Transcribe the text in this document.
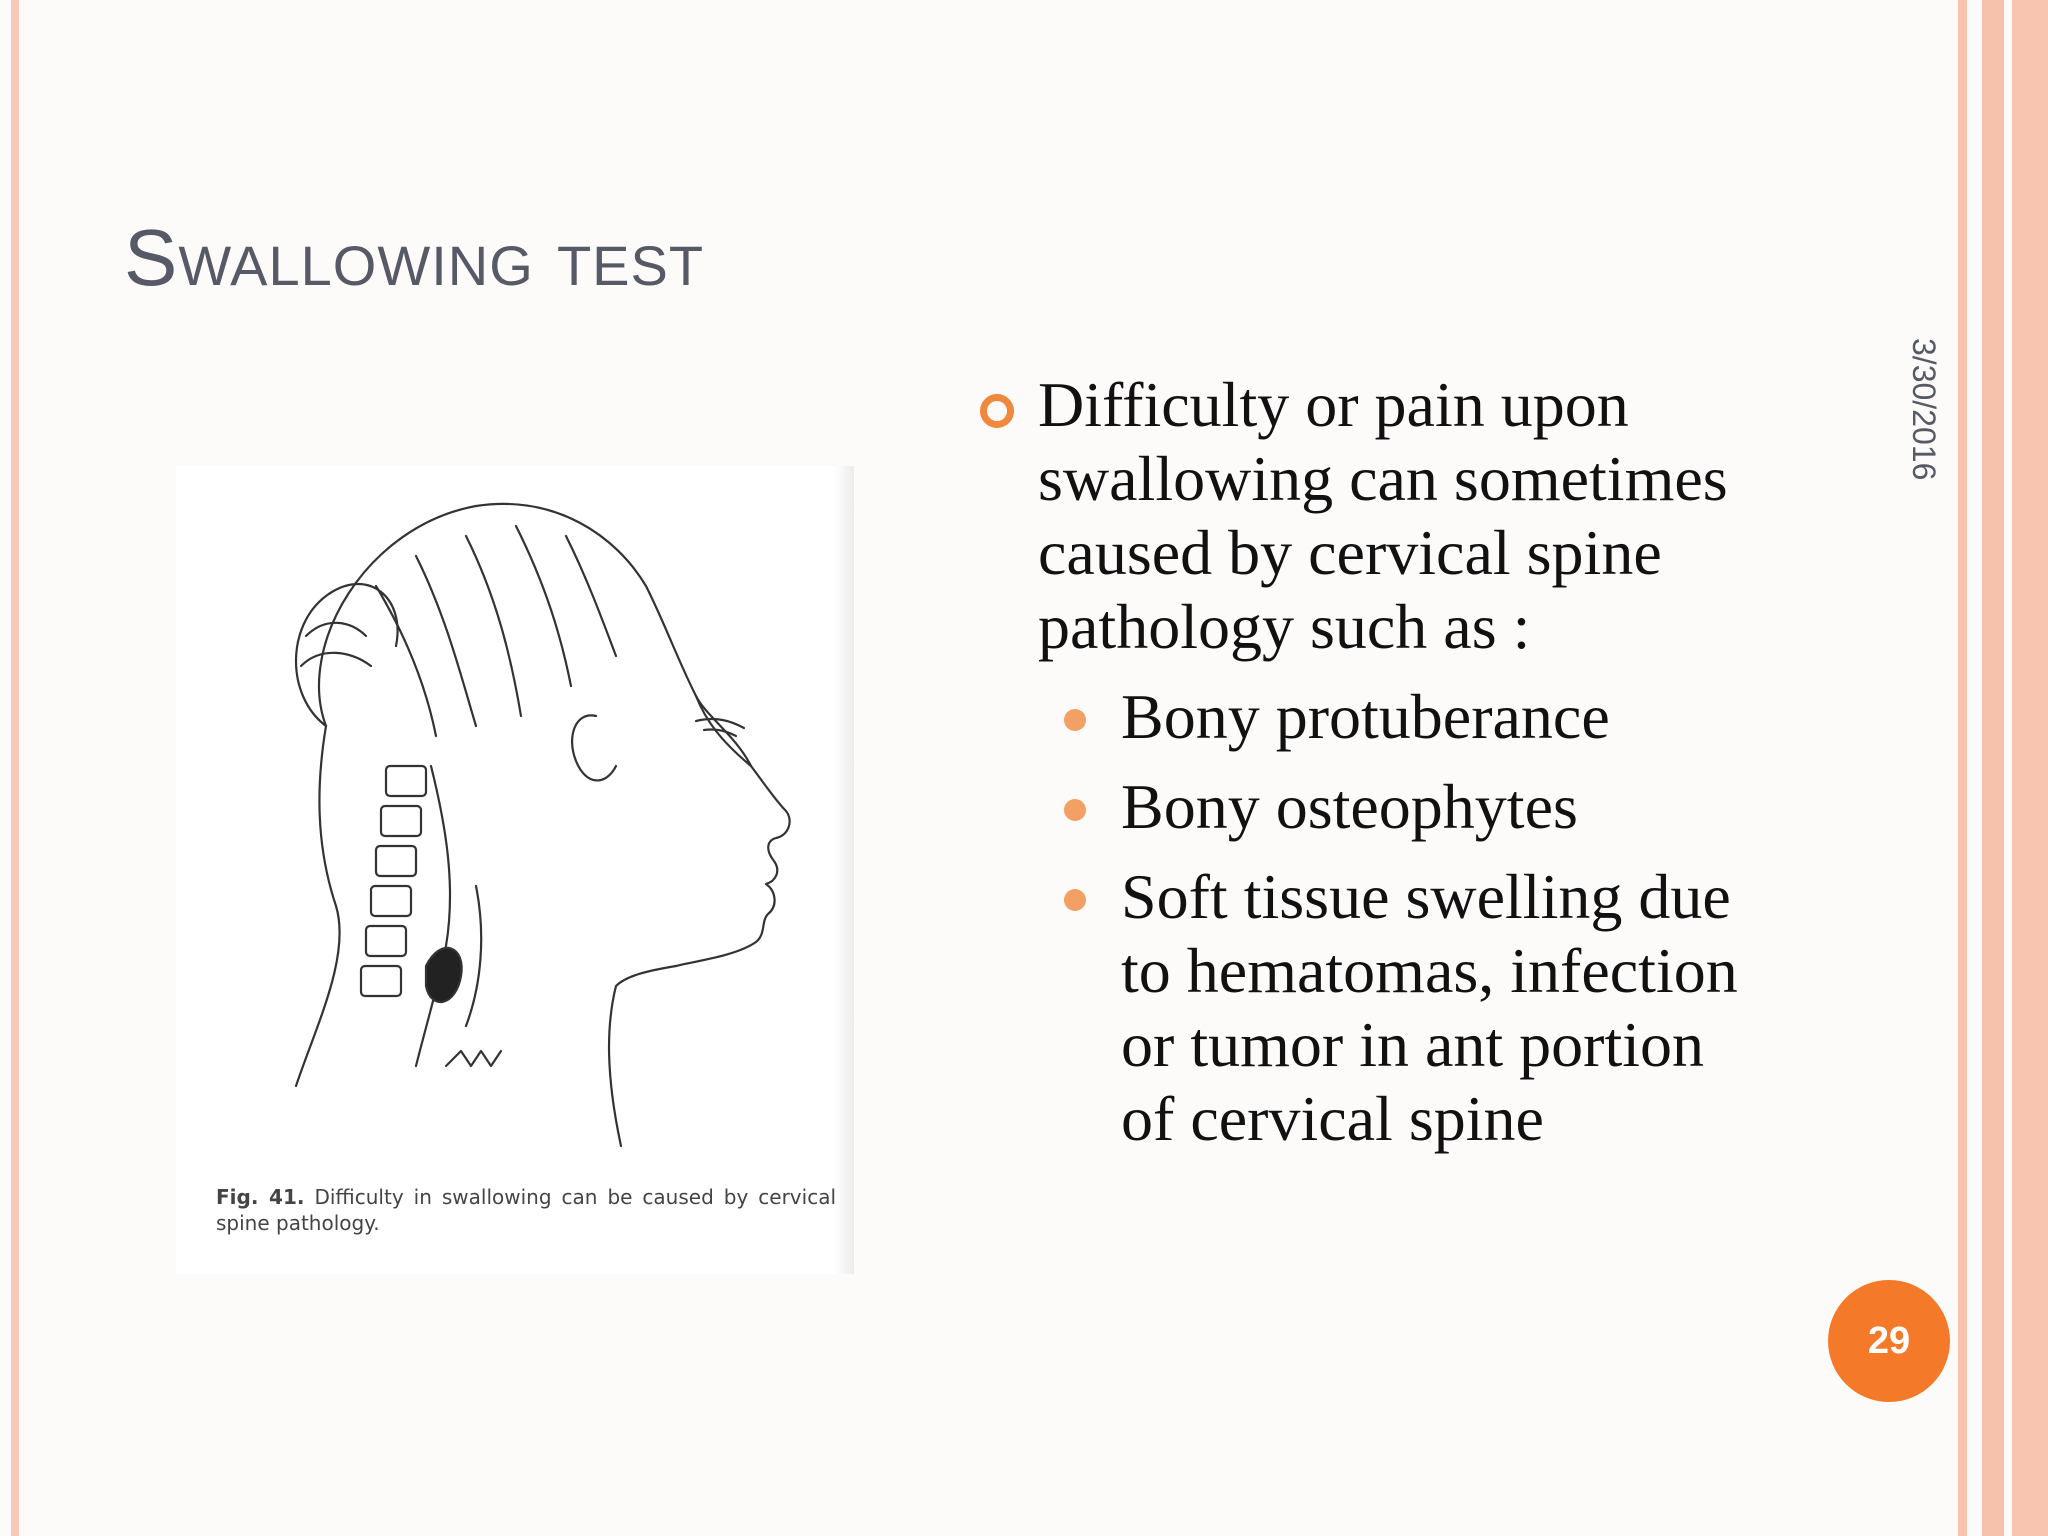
Swallowing test
3/30/2016
Fig. 41. Difficulty in swallowing can be caused by cervical spine pathology.
Difficulty or pain upon swallowing can sometimes caused by cervical spine pathology such as :
Bony protuberance
Bony osteophytes
Soft tissue swelling due to hematomas, infection or tumor in ant portion of cervical spine
29
